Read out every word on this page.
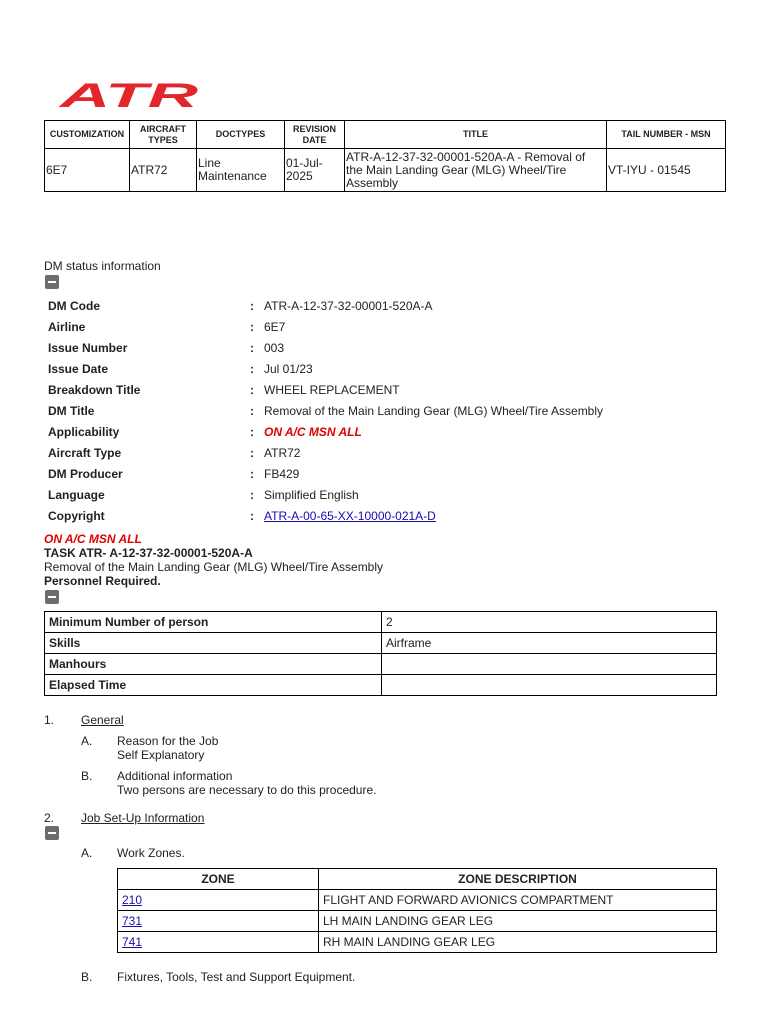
ATR
CUSTOMIZATION	AIRCRAFT TYPES	DOCTYPES	REVISION DATE	TITLE	TAIL NUMBER - MSN
6E7	ATR72	Line Maintenance	01-Jul-2025	ATR-A-12-37-32-00001-520A-A - Removal of the Main Landing Gear (MLG) Wheel/Tire Assembly	VT-IYU - 01545
DM status information
DM Code	: ATR-A-12-37-32-00001-520A-A
Airline	: 6E7
Issue Number	: 003
Issue Date	: Jul 01/23
Breakdown Title	: WHEEL REPLACEMENT
DM Title	: Removal of the Main Landing Gear (MLG) Wheel/Tire Assembly
Applicability	: ON A/C MSN ALL
Aircraft Type	: ATR72
DM Producer	: FB429
Language	: Simplified English
Copyright	: ATR-A-00-65-XX-10000-021A-D
ON A/C MSN ALL
TASK ATR- A-12-37-32-00001-520A-A
Removal of the Main Landing Gear (MLG) Wheel/Tire Assembly
Personnel Required.
Minimum Number of person	2
Skills	Airframe
Manhours	
Elapsed Time	
1. General
A. Reason for the Job
Self Explanatory
B. Additional information
Two persons are necessary to do this procedure.
2. Job Set-Up Information
A. Work Zones.
ZONE	ZONE DESCRIPTION
210	FLIGHT AND FORWARD AVIONICS COMPARTMENT
731	LH MAIN LANDING GEAR LEG
741	RH MAIN LANDING GEAR LEG
B. Fixtures, Tools, Test and Support Equipment.
